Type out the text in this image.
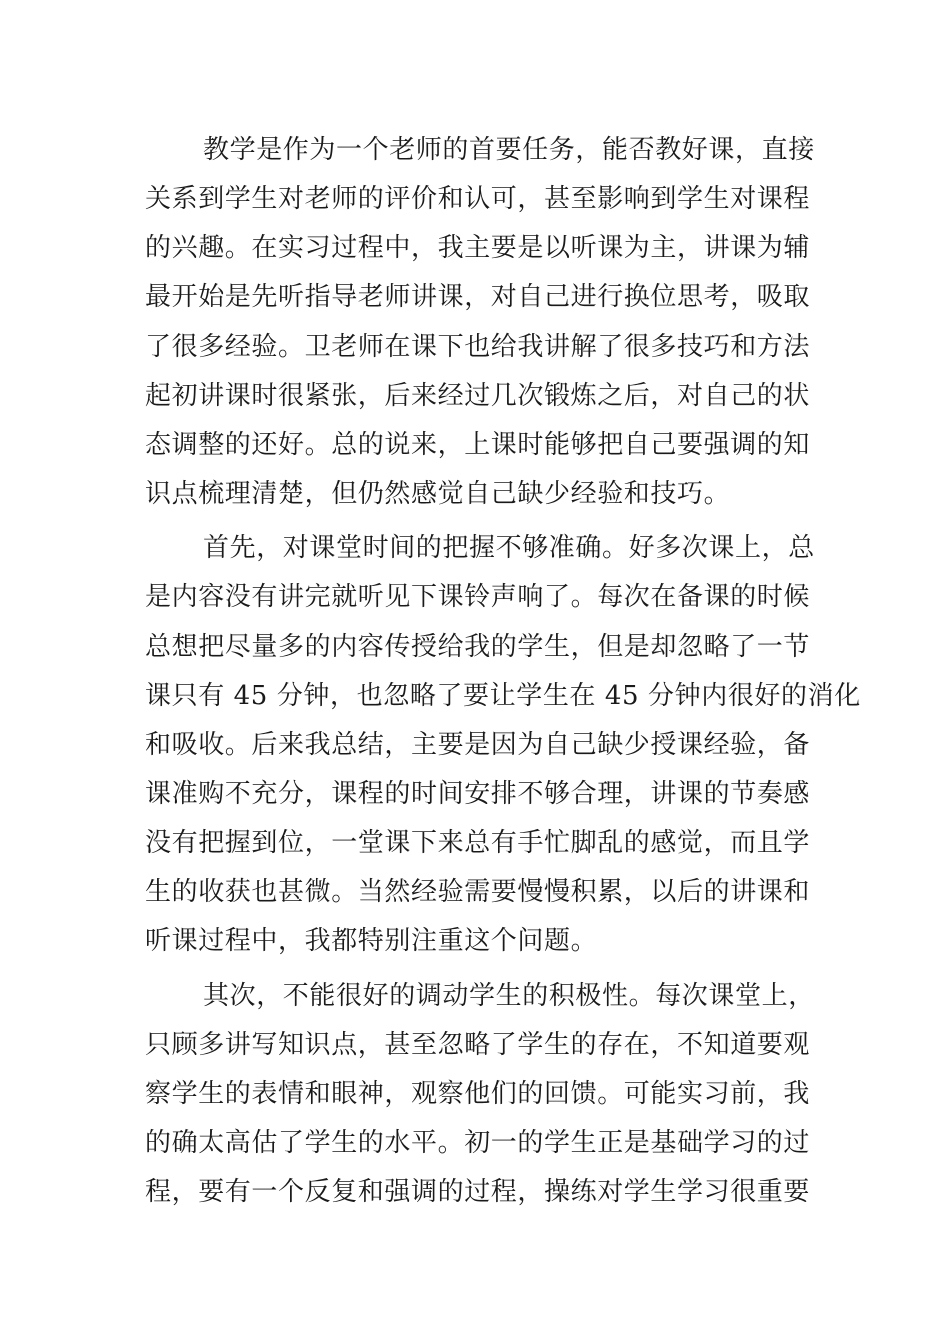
教学是作为一个老师的首要任务，能否教好课，直接
关系到学生对老师的评价和认可，甚至影响到学生对课程
的兴趣。在实习过程中，我主要是以听课为主，讲课为辅
最开始是先听指导老师讲课，对自己进行换位思考，吸取
了很多经验。卫老师在课下也给我讲解了很多技巧和方法
起初讲课时很紧张，后来经过几次锻炼之后，对自己的状
态调整的还好。总的说来，上课时能够把自己要强调的知
识点梳理清楚，但仍然感觉自己缺少经验和技巧。
首先，对课堂时间的把握不够准确。好多次课上，总
是内容没有讲完就听见下课铃声响了。每次在备课的时候
总想把尽量多的内容传授给我的学生，但是却忽略了一节
课只有 45 分钟，也忽略了要让学生在 45 分钟内很好的消化
和吸收。后来我总结，主要是因为自己缺少授课经验，备
课准购不充分，课程的时间安排不够合理，讲课的节奏感
没有把握到位，一堂课下来总有手忙脚乱的感觉，而且学
生的收获也甚微。当然经验需要慢慢积累，以后的讲课和
听课过程中，我都特别注重这个问题。
其次，不能很好的调动学生的积极性。每次课堂上，
只顾多讲写知识点，甚至忽略了学生的存在，不知道要观
察学生的表情和眼神，观察他们的回馈。可能实习前，我
的确太高估了学生的水平。初一的学生正是基础学习的过
程，要有一个反复和强调的过程，操练对学生学习很重要
